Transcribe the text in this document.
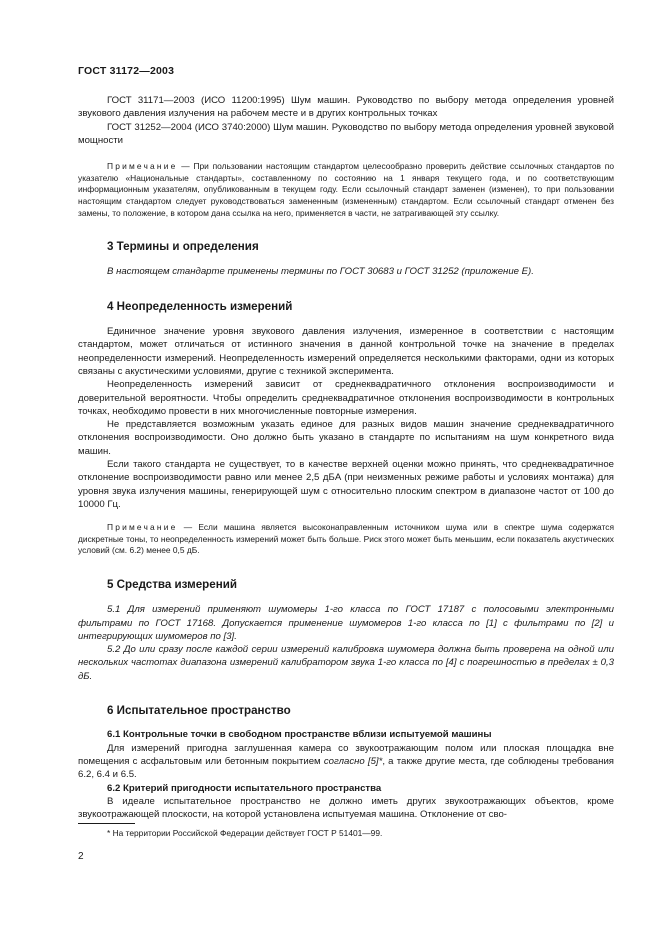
ГОСТ 31172—2003

ГОСТ 31171—2003 (ИСО 11200:1995) Шум машин. Руководство по выбору метода определения уровней звукового давления излучения на рабочем месте и в других контрольных точках

ГОСТ 31252—2004 (ИСО 3740:2000) Шум машин. Руководство по выбору метода определения уровней звуковой мощности

Примечание — При пользовании настоящим стандартом целесообразно проверить действие ссылочных стандартов по указателю «Национальные стандарты», составленному по состоянию на 1 января текущего года, и по соответствующим информационным указателям, опубликованным в текущем году. Если ссылочный стандарт заменен (изменен), то при пользовании настоящим стандартом следует руководствоваться замененным (измененным) стандартом. Если ссылочный стандарт отменен без замены, то положение, в котором дана ссылка на него, применяется в части, не затрагивающей эту ссылку.

3 Термины и определения

В настоящем стандарте применены термины по ГОСТ 30683 и ГОСТ 31252 (приложение Е).

4 Неопределенность измерений

Единичное значение уровня звукового давления излучения, измеренное в соответствии с настоящим стандартом, может отличаться от истинного значения в данной контрольной точке на значение в пределах неопределенности измерений. Неопределенность измерений определяется несколькими факторами, одни из которых связаны с акустическими условиями, другие с техникой эксперимента.

Неопределенность измерений зависит от среднеквадратичного отклонения воспроизводимости и доверительной вероятности. Чтобы определить среднеквадратичное отклонения воспроизводимости в контрольных точках, необходимо провести в них многочисленные повторные измерения.

Не представляется возможным указать единое для разных видов машин значение среднеквадратичного отклонения воспроизводимости. Оно должно быть указано в стандарте по испытаниям на шум конкретного вида машин.

Если такого стандарта не существует, то в качестве верхней оценки можно принять, что среднеквадратичное отклонение воспроизводимости равно или менее 2,5 дБA (при неизменных режиме работы и условиях монтажа) для уровня звука излучения машины, генерирующей шум с относительно плоским спектром в диапазоне частот от 100 до 10000 Гц.

Примечание — Если машина является высоконаправленным источником шума или в спектре шума содержатся дискретные тоны, то неопределенность измерений может быть больше. Риск этого может быть меньшим, если показатель акустических условий (см. 6.2) менее 0,5 дБ.

5 Средства измерений

5.1 Для измерений применяют шумомеры 1-го класса по ГОСТ 17187 с полосовыми электронными фильтрами по ГОСТ 17168. Допускается применение шумомеров 1-го класса по [1] с фильтрами по [2] и интегрирующих шумомеров по [3].

5.2 До или сразу после каждой серии измерений калибровка шумомера должна быть проверена на одной или нескольких частотах диапазона измерений калибратором звука 1-го класса по [4] с погрешностью в пределах ± 0,3 дБ.

6 Испытательное пространство
6.1 Контрольные точки в свободном пространстве вблизи испытуемой машины

Для измерений пригодна заглушенная камера со звукоотражающим полом или плоская площадка вне помещения с асфальтовым или бетонным покрытием согласно [5]*, а также другие места, где соблюдены требования 6.2, 6.4 и 6.5.

6.2 Критерий пригодности испытательного пространства

В идеале испытательное пространство не должно иметь других звукоотражающих объектов, кроме звукоотражающей плоскости, на которой установлена испытуемая машина. Отклонение от сво-

* На территории Российской Федерации действует ГОСТ Р 51401—99.
2
